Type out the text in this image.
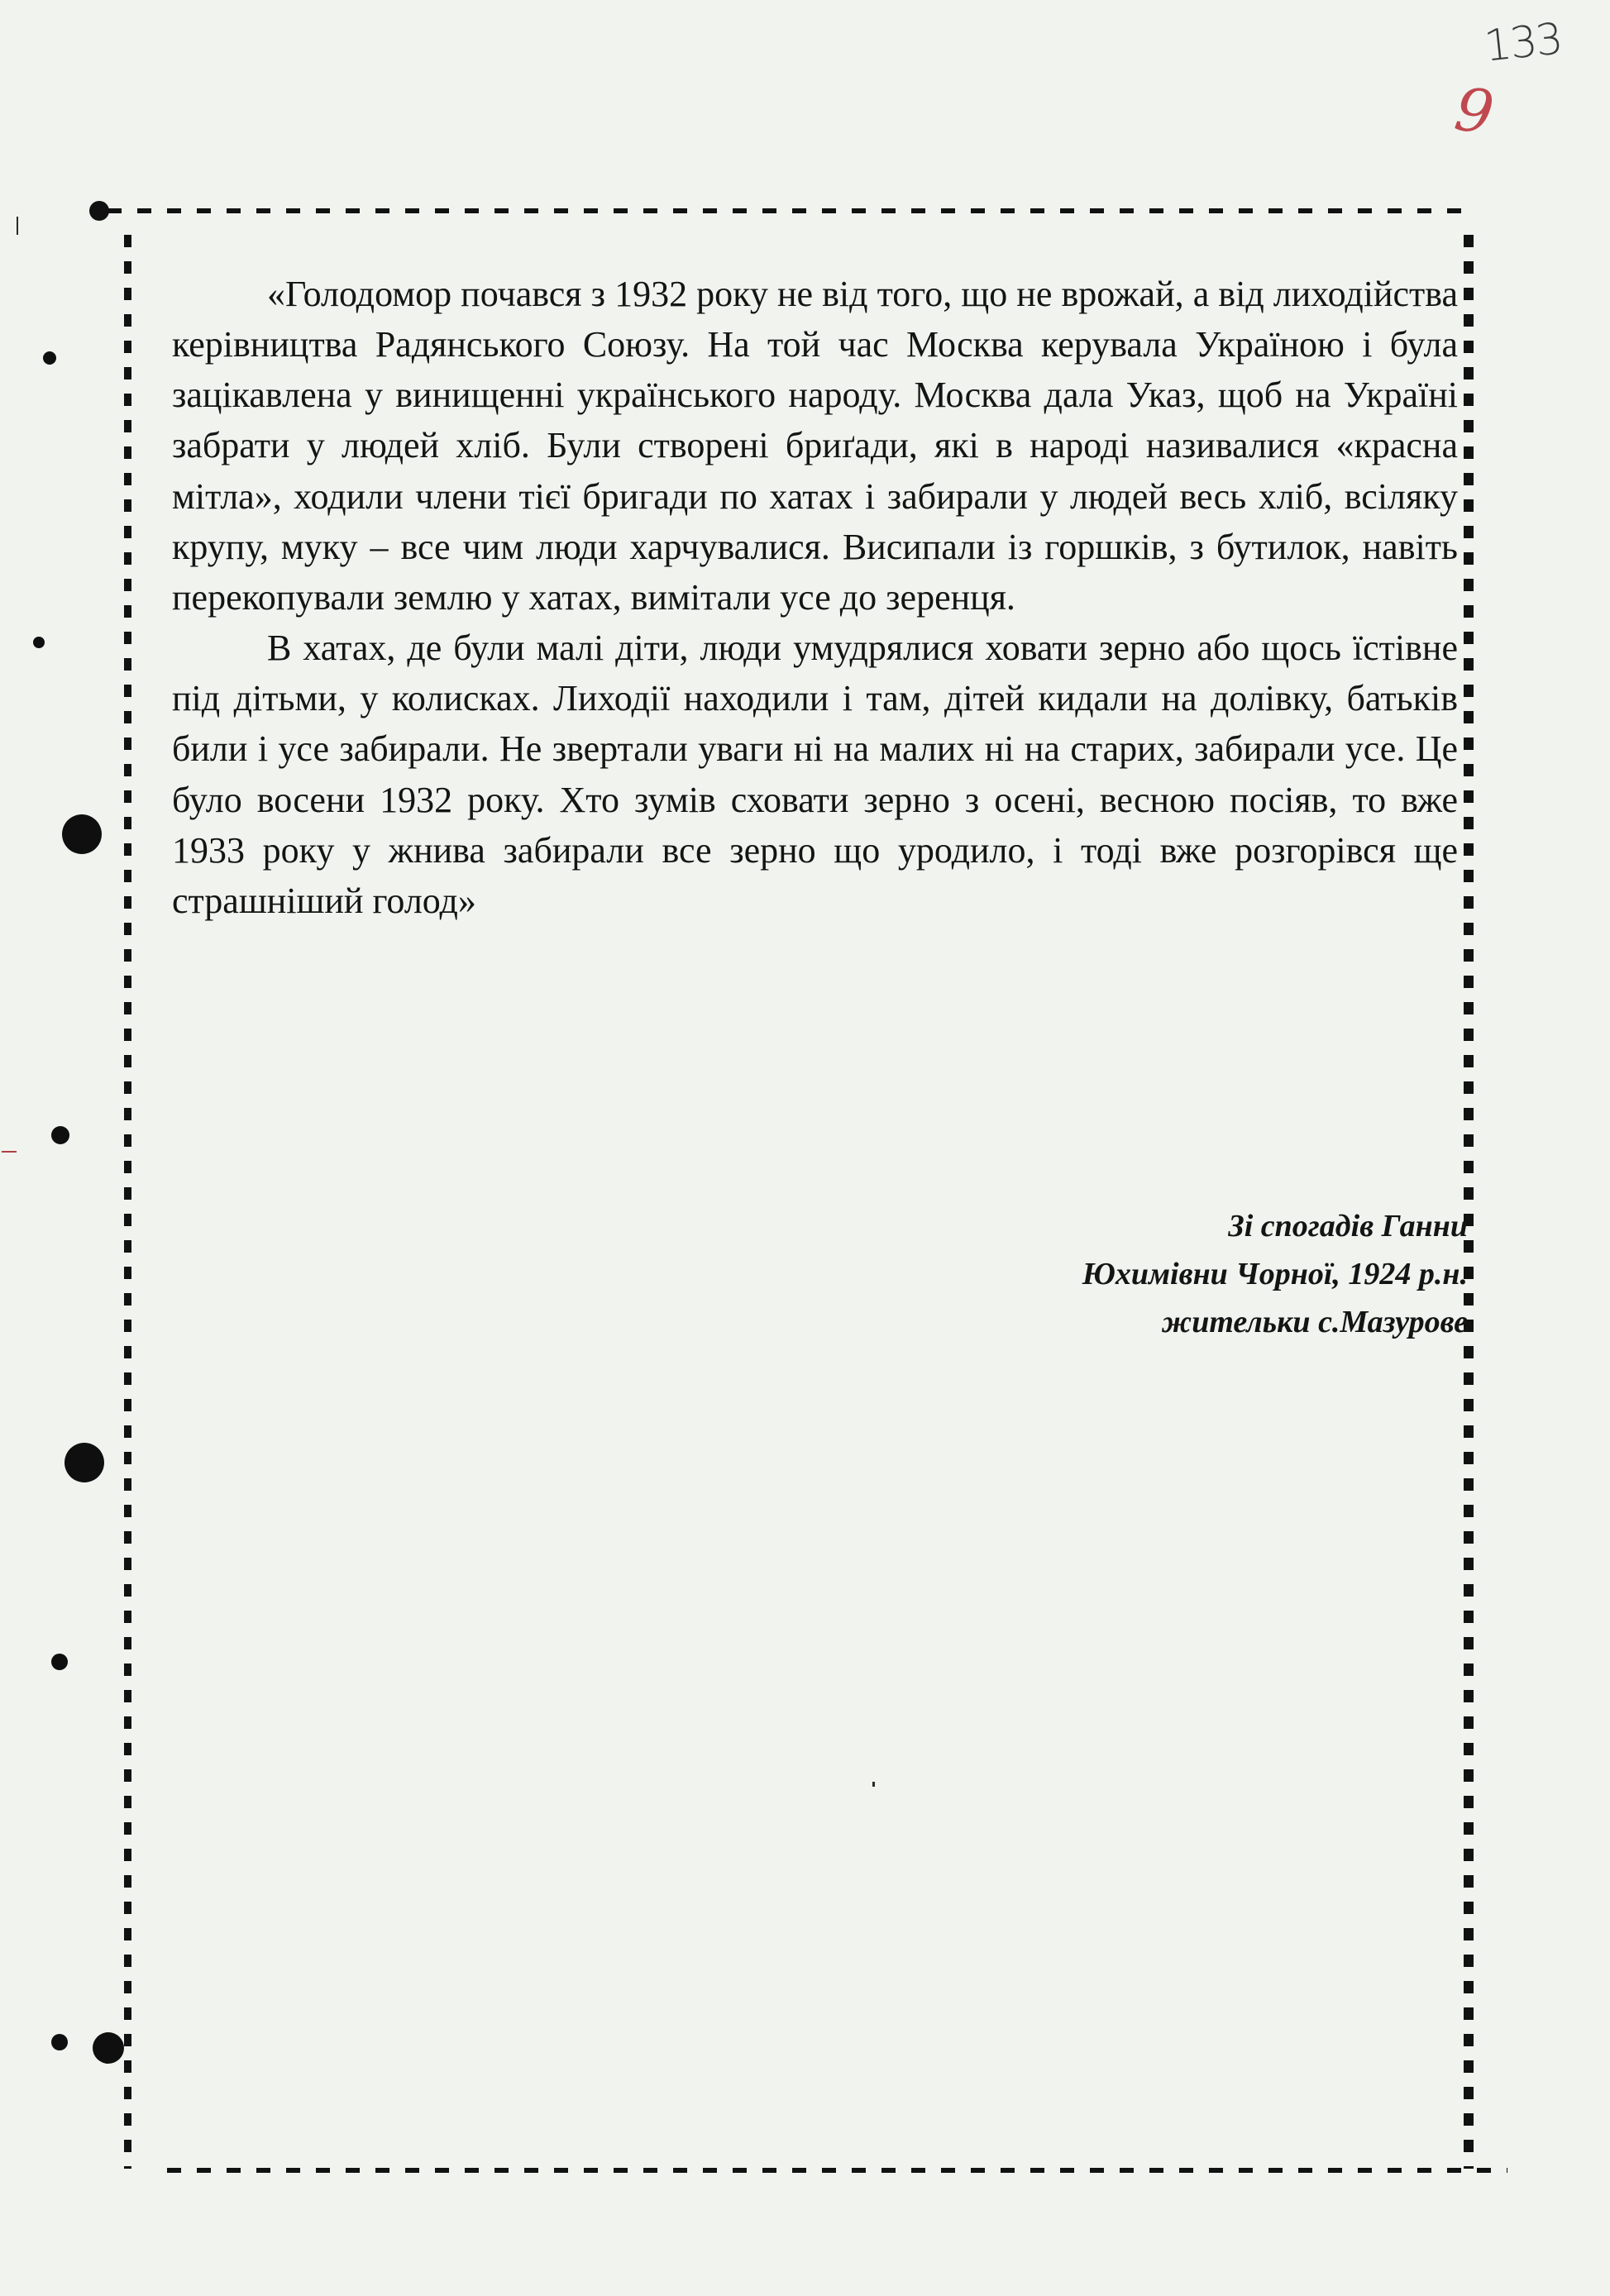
133
9

«Голодомор почався з 1932 року не від того, що не врожай, а від лиходійства керівництва Радянського Союзу. На той час Москва керувала Україною і була зацікавлена у винищенні українського народу. Москва дала Указ, щоб на Україні забрати у людей хліб. Були створені бриґади, які в народі називалися «красна мітла», ходили члени тієї бригади по хатах і забирали у людей весь хліб, всіляку крупу, муку – все чим люди харчувалися. Висипали із горшків, з бутилок, навіть перекопували землю у хатах, вимітали усе до зеренця.

В хатах, де були малі діти, люди умудрялися ховати зерно або щось їстівне під дітьми, у колисках. Лиходії находили і там, дітей кидали на долівку, батьків били і усе забирали. Не звертали уваги ні на малих ні на старих, забирали усе. Це було восени 1932 року. Хто зумів сховати зерно з осені, весною посіяв, то вже 1933 року у жнива забирали все зерно що уродило, і тоді вже розгорівся ще страшніший голод»

Зі спогадів Ганни
Юхимівни Чорної, 1924 р.н.
жительки с.Мазурове
